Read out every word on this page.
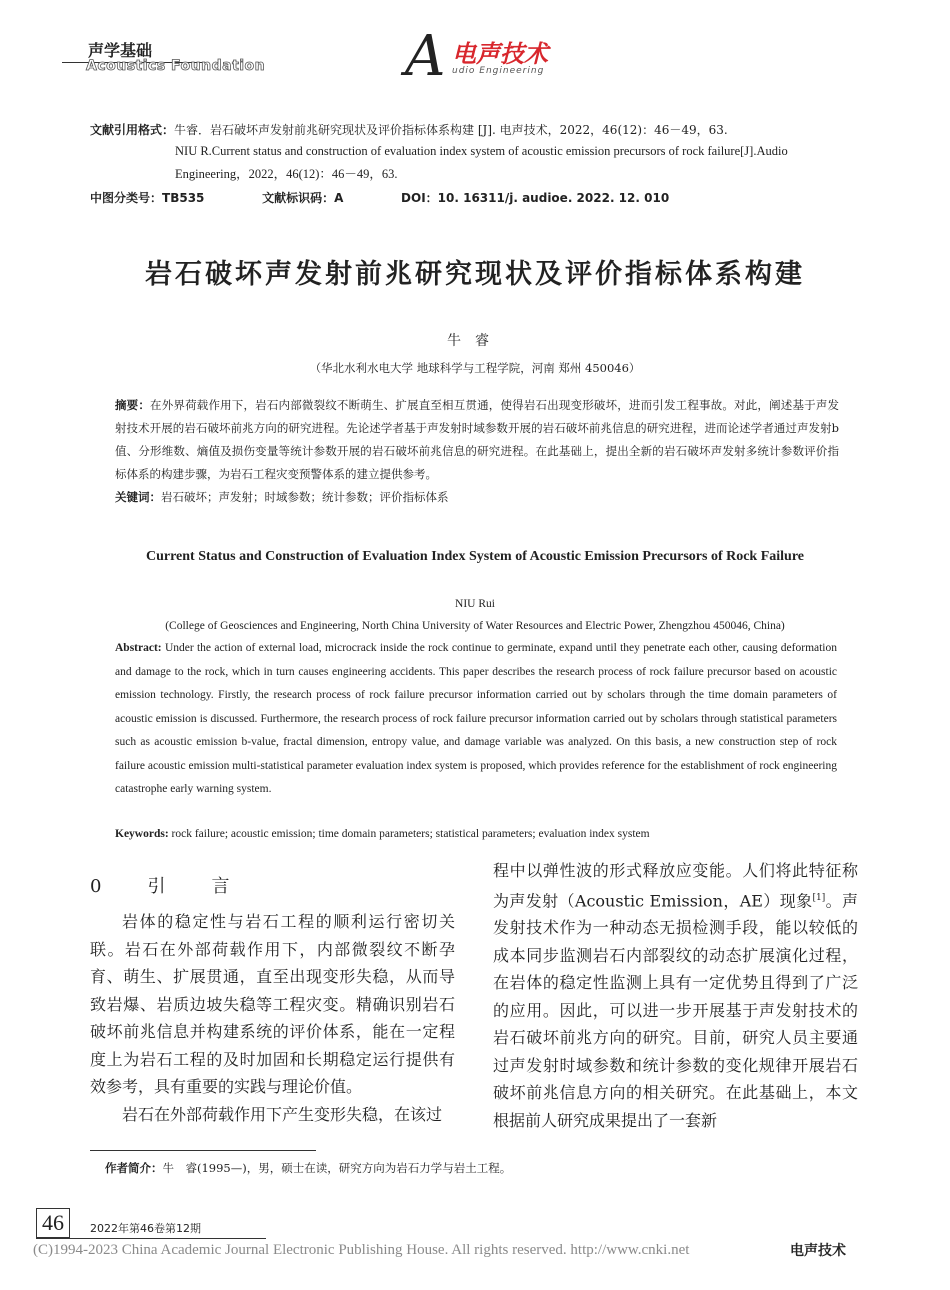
声学基础
Acoustics Foundation A 电声技术
udio Engineering
文献引用格式：牛睿．岩石破坏声发射前兆研究现状及评价指标体系构建 [J]. 电声技术，2022，46(12)：46－49，63.
NIU R.Current status and construction of evaluation index system of acoustic emission precursors of rock failure[J].Audio
Engineering，2022，46(12)：46－49，63.
中图分类号：TB535	文献标识码：A	DOI：10. 16311/j. audioe. 2022. 12. 010
岩石破坏声发射前兆研究现状及评价指标体系构建
牛睿
（华北水利水电大学 地球科学与工程学院，河南 郑州 450046）
摘要：在外界荷载作用下，岩石内部微裂纹不断萌生、扩展直至相互贯通，使得岩石出现变形破坏，进而引发工程事故。对此，阐述基于声发射技术开展的岩石破坏前兆方向的研究进程。先论述学者基于声发射时域参数开展的岩石破坏前兆信息的研究进程，进而论述学者通过声发射b值、分形维数、熵值及损伤变量等统计参数开展的岩石破坏前兆信息的研究进程。在此基础上，提出全新的岩石破坏声发射多统计参数评价指标体系的构建步骤，为岩石工程灾变预警体系的建立提供参考。
关键词：岩石破坏；声发射；时域参数；统计参数；评价指标体系
Current Status and Construction of Evaluation Index System of Acoustic Emission Precursors of Rock Failure
NIU Rui
(College of Geosciences and Engineering, North China University of Water Resources and Electric Power, Zhengzhou 450046, China)
Abstract: Under the action of external load, microcrack inside the rock continue to germinate, expand until they penetrate each other, causing deformation and damage to the rock, which in turn causes engineering accidents. This paper describes the research process of rock failure precursor based on acoustic emission technology. Firstly, the research process of rock failure precursor information carried out by scholars through the time domain parameters of acoustic emission is discussed. Furthermore, the research process of rock failure precursor information carried out by scholars through statistical parameters such as acoustic emission b-value, fractal dimension, entropy value, and damage variable was analyzed. On this basis, a new construction step of rock failure acoustic emission multi-statistical parameter evaluation index system is proposed, which provides reference for the establishment of rock engineering catastrophe early warning system.
Keywords: rock failure; acoustic emission; time domain parameters; statistical parameters; evaluation index system
0　引　言

岩体的稳定性与岩石工程的顺利运行密切关联。岩石在外部荷载作用下，内部微裂纹不断孕育、萌生、扩展贯通，直至出现变形失稳，从而导致岩爆、岩质边坡失稳等工程灾变。精确识别岩石破坏前兆信息并构建系统的评价体系，能在一定程度上为岩石工程的及时加固和长期稳定运行提供有效参考，具有重要的实践与理论价值。

岩石在外部荷载作用下产生变形失稳，在该过

程中以弹性波的形式释放应变能。人们将此特征称为声发射（Acoustic Emission，AE）现象[1]。声发射技术作为一种动态无损检测手段，能以较低的成本同步监测岩石内部裂纹的动态扩展演化过程，在岩体的稳定性监测上具有一定优势且得到了广泛的应用。因此，可以进一步开展基于声发射技术的岩石破坏前兆方向的研究。目前，研究人员主要通过声发射时域参数和统计参数的变化规律开展岩石破坏前兆信息方向的相关研究。在此基础上，本文根据前人研究成果提出了一套新

作者简介：牛　睿(1995—)，男，硕士在读，研究方向为岩石力学与岩土工程。
46	2022年第46卷第12期
(C)1994-2023 China Academic Journal Electronic Publishing House. All rights reserved. http://www.cnki.net	电声技术
